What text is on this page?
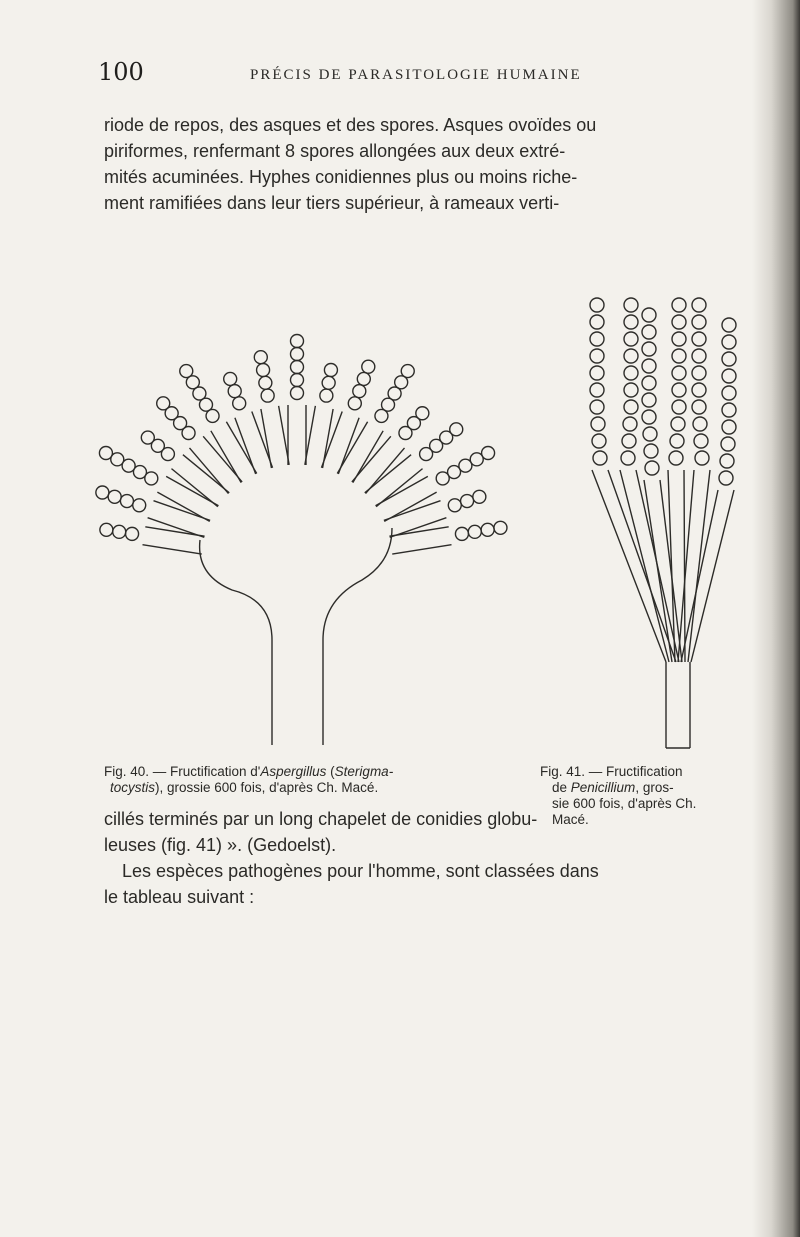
100	PRÉCIS DE PARASITOLOGIE HUMAINE

riode de repos, des asques et des spores. Asques ovoïdes ou
piriformes, renfermant 8 spores allongées aux deux extré-
mités acuminées. Hyphes conidiennes plus ou moins riche-
ment ramifiées dans leur tiers supérieur, à rameaux verti-

Fig. 40. — Fructification d'Aspergillus (Sterigma-
tocystis), grossie 600 fois, d'après Ch. Macé.
Fig. 41. — Fructification
de Penicillium, gros-
sie 600 fois, d'après Ch.
Macé.

cillés terminés par un long chapelet de conidies globu-
leuses (fig. 41) ». (Gedoelst).

Les espèces pathogènes pour l'homme, sont classées dans
le tableau suivant :
